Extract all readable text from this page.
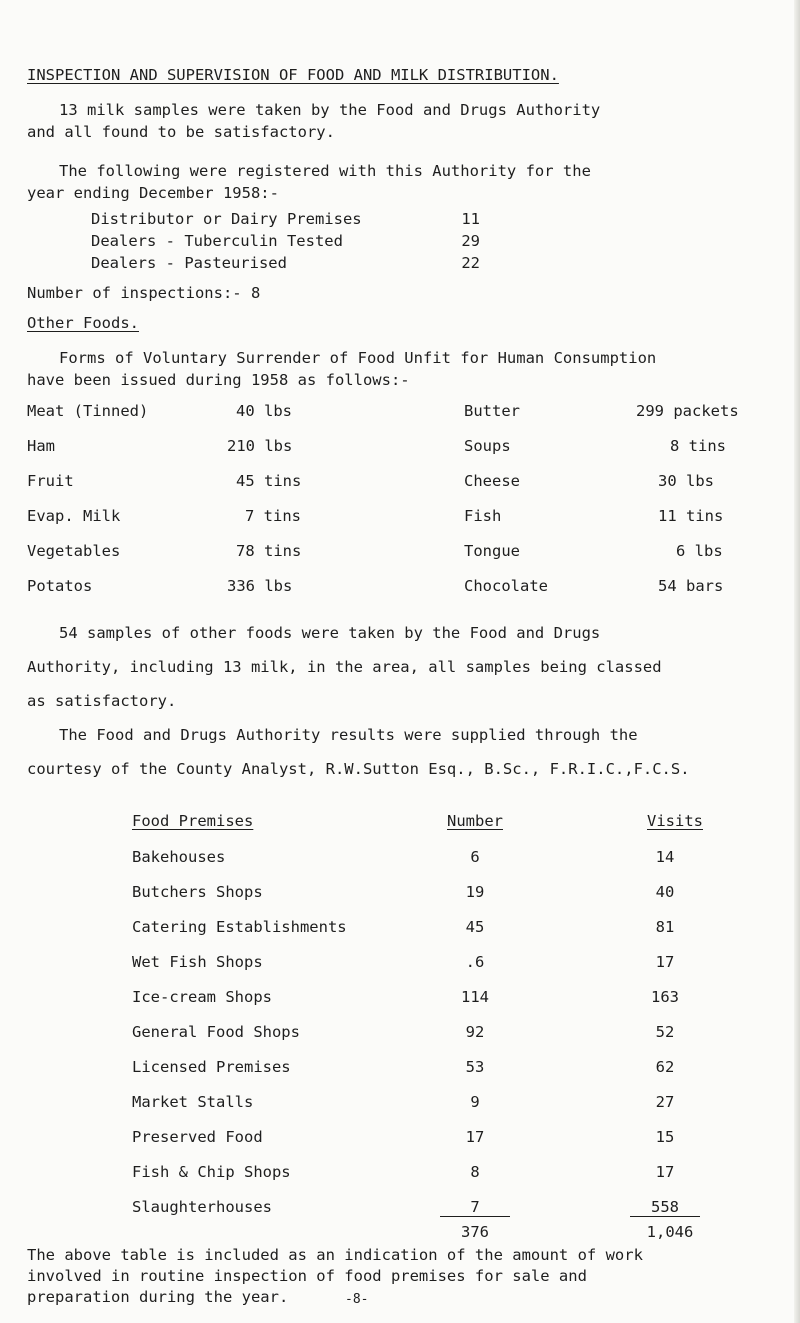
INSPECTION AND SUPERVISION OF FOOD AND MILK DISTRIBUTION.
13 milk samples were taken by the Food and Drugs Authority
and all found to be satisfactory.
The following were registered with this Authority for the
year ending December 1958:-
Distributor or Dairy Premises	11
Dealers - Tuberculin Tested	29
Dealers - Pasteurised	22
Number of inspections:- 8
Other Foods.
Forms of Voluntary Surrender of Food Unfit for Human Consumption
have been issued during 1958 as follows:-
Meat (Tinned)	40 lbs	Butter	299 packets
Ham	210 lbs	Soups	8 tins
Fruit	45 tins	Cheese	30 lbs
Evap. Milk	7 tins	Fish	11 tins
Vegetables	78 tins	Tongue	6 lbs
Potatos	336 lbs	Chocolate	54 bars
54 samples of other foods were taken by the Food and Drugs
Authority, including 13 milk, in the area, all samples being classed
as satisfactory.
The Food and Drugs Authority results were supplied through the
courtesy of the County Analyst, R.W.Sutton Esq., B.Sc., F.R.I.C.,F.C.S.
Food Premises	Number	Visits
Bakehouses	6	14
Butchers Shops	19	40
Catering Establishments	45	81
Wet Fish Shops	.6	17
Ice-cream Shops	114	163
General Food Shops	92	52
Licensed Premises	53	62
Market Stalls	9	27
Preserved Food	17	15
Fish & Chip Shops	8	17
Slaughterhouses	7	558
376	1,046
The above table is included as an indication of the amount of work
involved in routine inspection of food premises for sale and
preparation during the year.	-8-
